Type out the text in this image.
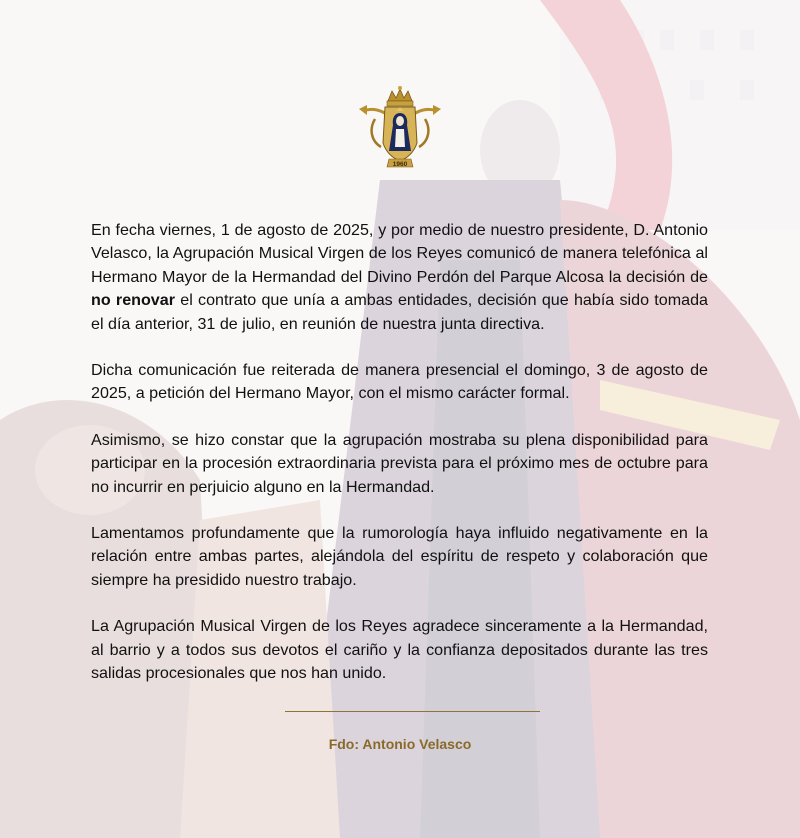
1960

En fecha viernes, 1 de agosto de 2025, y por medio de nuestro presidente, D. Antonio Velasco, la Agrupación Musical Virgen de los Reyes comunicó de manera telefónica al Hermano Mayor de la Hermandad del Divino Perdón del Parque Alcosa la decisión de no renovar el contrato que unía a ambas entidades, decisión que había sido tomada el día anterior, 31 de julio, en reunión de nuestra junta directiva.

Dicha comunicación fue reiterada de manera presencial el domingo, 3 de agosto de 2025, a petición del Hermano Mayor, con el mismo carácter formal.

Asimismo, se hizo constar que la agrupación mostraba su plena disponibilidad para participar en la procesión extraordinaria prevista para el próximo mes de octubre para no incurrir en perjuicio alguno en la Hermandad.

Lamentamos profundamente que la rumorología haya influido negativamente en la relación entre ambas partes, alejándola del espíritu de respeto y colaboración que siempre ha presidido nuestro trabajo.

La Agrupación Musical Virgen de los Reyes agradece sinceramente a la Hermandad, al barrio y a todos sus devotos el cariño y la confianza depositados durante las tres salidas procesionales que nos han unido.

Fdo: Antonio Velasco
